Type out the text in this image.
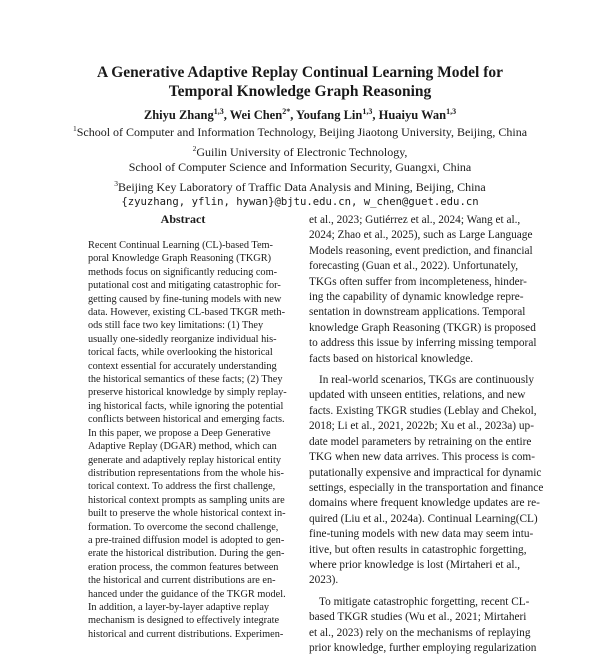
A Generative Adaptive Replay Continual Learning Model for
Temporal Knowledge Graph Reasoning
Zhiyu Zhang$^{1,3}$, Wei Chen$^{2*}$, Youfang Lin$^{1,3}$, Huaiyu Wan$^{1,3}$
$^1$School of Computer and Information Technology, Beijing Jiaotong University, Beijing, China
$^2$Guilin University of Electronic Technology,
School of Computer Science and Information Security, Guangxi, China
$^3$Beijing Key Laboratory of Traffic Data Analysis and Mining, Beijing, China
{zyuzhang, yflin, hywan}@bjtu.edu.cn, w_chen@guet.edu.cn
Abstract
Recent Continual Learning (CL)-based Tem-
poral Knowledge Graph Reasoning (TKGR)
methods focus on significantly reducing com-
putational cost and mitigating catastrophic for-
getting caused by fine-tuning models with new
data. However, existing CL-based TKGR meth-
ods still face two key limitations: (1) They
usually one-sidedly reorganize individual his-
torical facts, while overlooking the historical
context essential for accurately understanding
the historical semantics of these facts; (2) They
preserve historical knowledge by simply replay-
ing historical facts, while ignoring the potential
conflicts between historical and emerging facts.
In this paper, we propose a Deep Generative
Adaptive Replay (DGAR) method, which can
generate and adaptively replay historical entity
distribution representations from the whole his-
torical context. To address the first challenge,
historical context prompts as sampling units are
built to preserve the whole historical context in-
formation. To overcome the second challenge,
a pre-trained diffusion model is adopted to gen-
erate the historical distribution. During the gen-
eration process, the common features between
the historical and current distributions are en-
hanced under the guidance of the TKGR model.
In addition, a layer-by-layer adaptive replay
mechanism is designed to effectively integrate
historical and current distributions. Experimen-
et al., 2023; Gutiérrez et al., 2024; Wang et al.,
2024; Zhao et al., 2025), such as Large Language
Models reasoning, event prediction, and financial
forecasting (Guan et al., 2022). Unfortunately,
TKGs often suffer from incompleteness, hinder-
ing the capability of dynamic knowledge repre-
sentation in downstream applications. Temporal
knowledge Graph Reasoning (TKGR) is proposed
to address this issue by inferring missing temporal
facts based on historical knowledge.
In real-world scenarios, TKGs are continuously
updated with unseen entities, relations, and new
facts. Existing TKGR studies (Leblay and Chekol,
2018; Li et al., 2021, 2022b; Xu et al., 2023a) up-
date model parameters by retraining on the entire
TKG when new data arrives. This process is com-
putationally expensive and impractical for dynamic
settings, especially in the transportation and finance
domains where frequent knowledge updates are re-
quired (Liu et al., 2024a). Continual Learning(CL)
fine-tuning models with new data may seem intu-
itive, but often results in catastrophic forgetting,
where prior knowledge is lost (Mirtaheri et al.,
2023).
To mitigate catastrophic forgetting, recent CL-
based TKGR studies (Wu et al., 2021; Mirtaheri
et al., 2023) rely on the mechanisms of replaying
prior knowledge, further employing regularization
